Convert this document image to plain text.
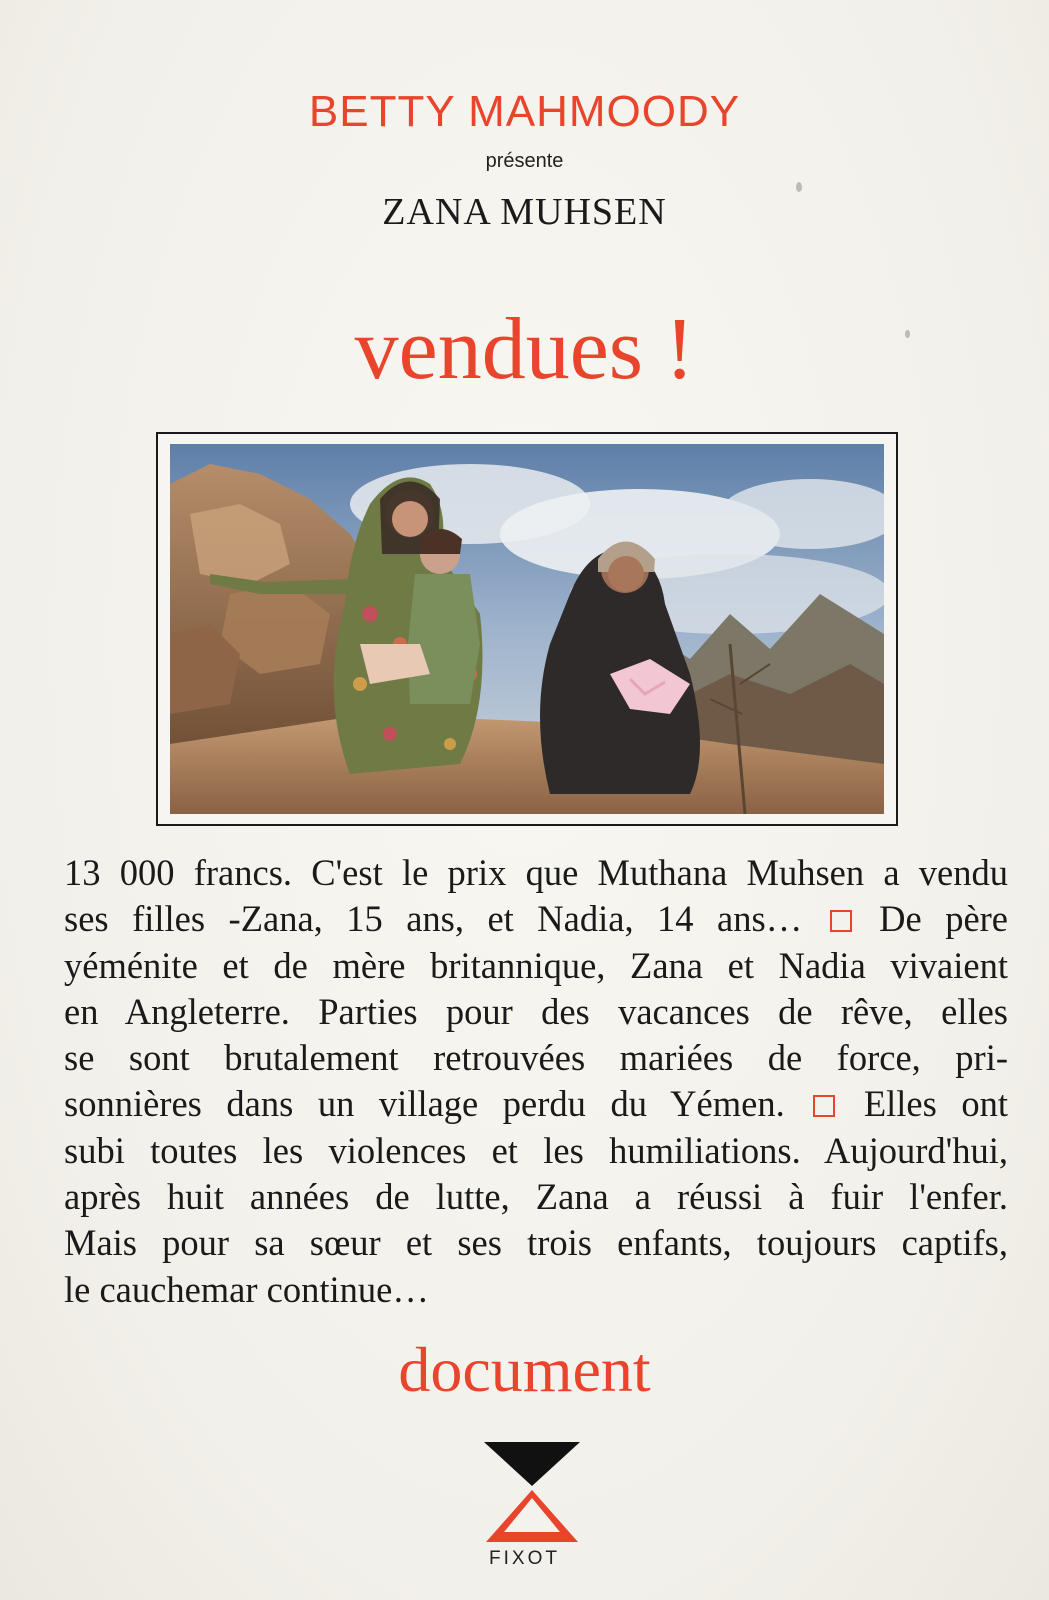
BETTY MAHMOODY
présente
ZANA MUHSEN
vendues !
13 000 francs. C'est le prix que Muthana Muhsen a vendu
ses filles -Zana, 15 ans, et Nadia, 14 ans… De père
yéménite et de mère britannique, Zana et Nadia vivaient
en Angleterre. Parties pour des vacances de rêve, elles
se sont brutalement retrouvées mariées de force, pri-
sonnières dans un village perdu du Yémen. Elles ont
subi toutes les violences et les humiliations. Aujourd'hui,
après huit années de lutte, Zana a réussi à fuir l'enfer.
Mais pour sa sœur et ses trois enfants, toujours captifs,
le cauchemar continue…
document
FIXOT
